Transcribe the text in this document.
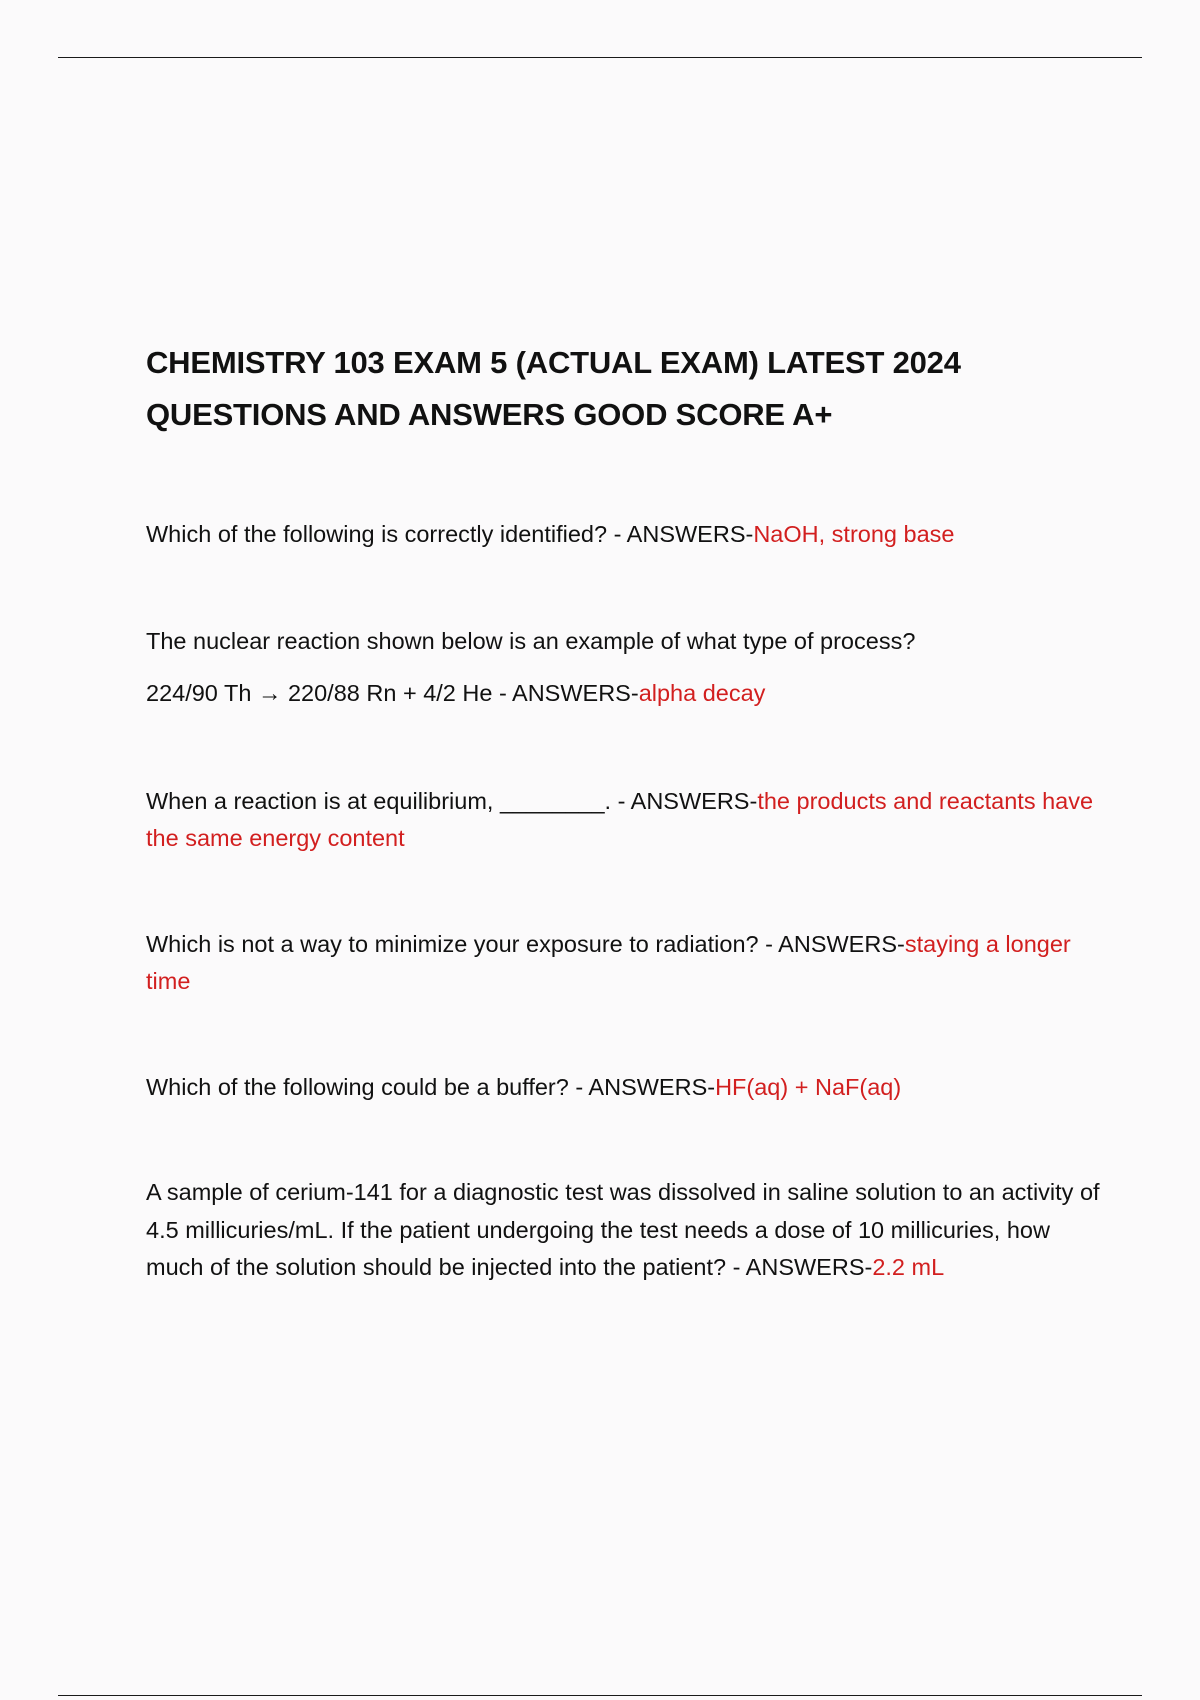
CHEMISTRY 103 EXAM 5 (ACTUAL EXAM) LATEST 2024 QUESTIONS AND ANSWERS GOOD SCORE A+

Which of the following is correctly identified? - ANSWERS-NaOH, strong base

The nuclear reaction shown below is an example of what type of process?
224/90 Th → 220/88 Rn + 4/2 He - ANSWERS-alpha decay

When a reaction is at equilibrium, ________. - ANSWERS-the products and reactants have the same energy content

Which is not a way to minimize your exposure to radiation? - ANSWERS-staying a longer time

Which of the following could be a buffer? - ANSWERS-HF(aq) + NaF(aq)

A sample of cerium-141 for a diagnostic test was dissolved in saline solution to an activity of 4.5 millicuries/mL. If the patient undergoing the test needs a dose of 10 millicuries, how much of the solution should be injected into the patient? - ANSWERS-2.2 mL
